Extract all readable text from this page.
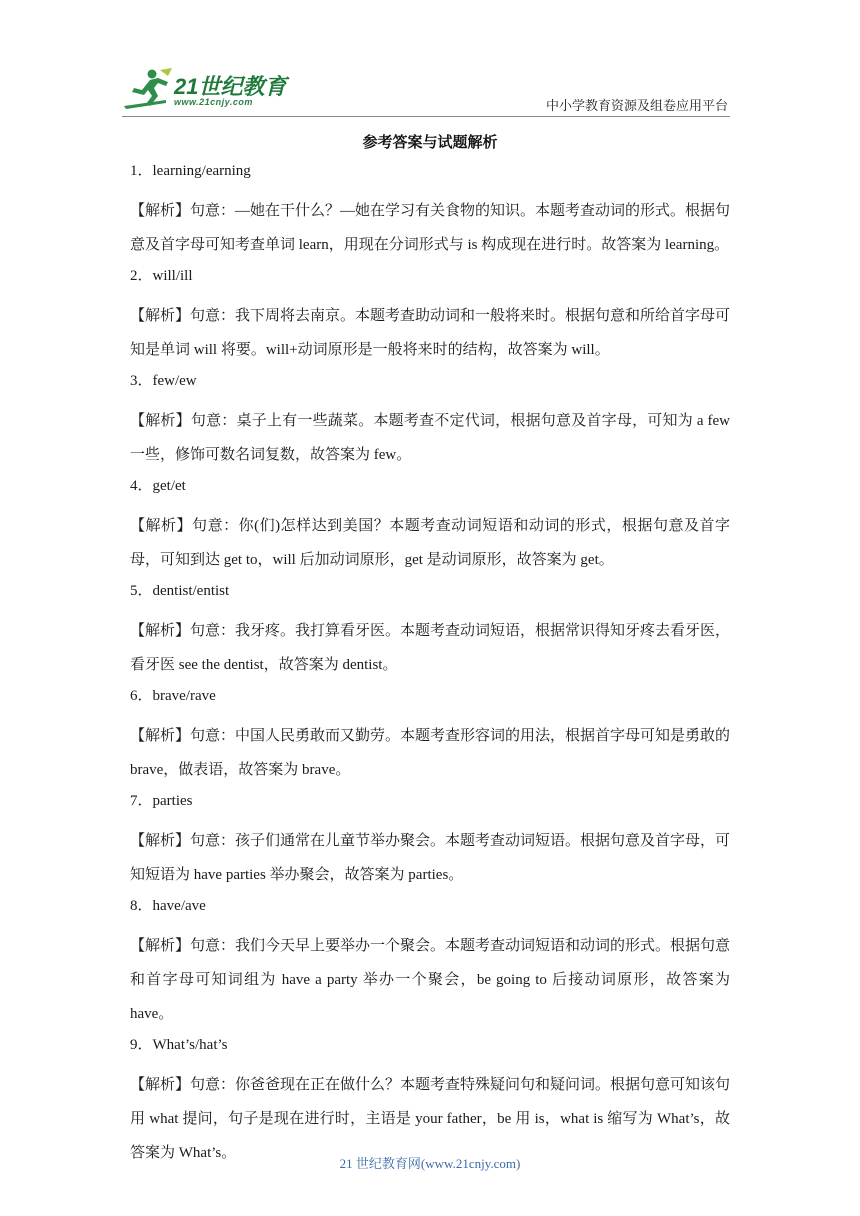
21世纪教育
www.21cnjy.com	中小学教育资源及组卷应用平台
参考答案与试题解析

1．learning/earning

【解析】句意：—她在干什么？—她在学习有关食物的知识。本题考查动词的形式。根据句意及首字母可知考查单词 learn，用现在分词形式与 is 构成现在进行时。故答案为 learning。

2．will/ill

【解析】句意：我下周将去南京。本题考查助动词和一般将来时。根据句意和所给首字母可知是单词 will 将要。will+动词原形是一般将来时的结构，故答案为 will。

3．few/ew

【解析】句意：桌子上有一些蔬菜。本题考查不定代词，根据句意及首字母，可知为 a few 一些，修饰可数名词复数，故答案为 few。

4．get/et

【解析】句意：你(们)怎样达到美国？本题考查动词短语和动词的形式，根据句意及首字母，可知到达 get to，will 后加动词原形，get 是动词原形，故答案为 get。

5．dentist/entist

【解析】句意：我牙疼。我打算看牙医。本题考查动词短语，根据常识得知牙疼去看牙医，看牙医 see the dentist，故答案为 dentist。

6．brave/rave

【解析】句意：中国人民勇敢而又勤劳。本题考查形容词的用法，根据首字母可知是勇敢的 brave，做表语，故答案为 brave。

7．parties

【解析】句意：孩子们通常在儿童节举办聚会。本题考查动词短语。根据句意及首字母，可知短语为 have parties 举办聚会，故答案为 parties。

8．have/ave

【解析】句意：我们今天早上要举办一个聚会。本题考查动词短语和动词的形式。根据句意和首字母可知词组为 have a party 举办一个聚会，be going to 后接动词原形，故答案为 have。

9．What’s/hat’s

【解析】句意：你爸爸现在正在做什么？本题考查特殊疑问句和疑问词。根据句意可知该句用 what 提问，句子是现在进行时，主语是 your father，be 用 is，what is 缩写为 What’s，故答案为 What’s。

21 世纪教育网(www.21cnjy.com)
